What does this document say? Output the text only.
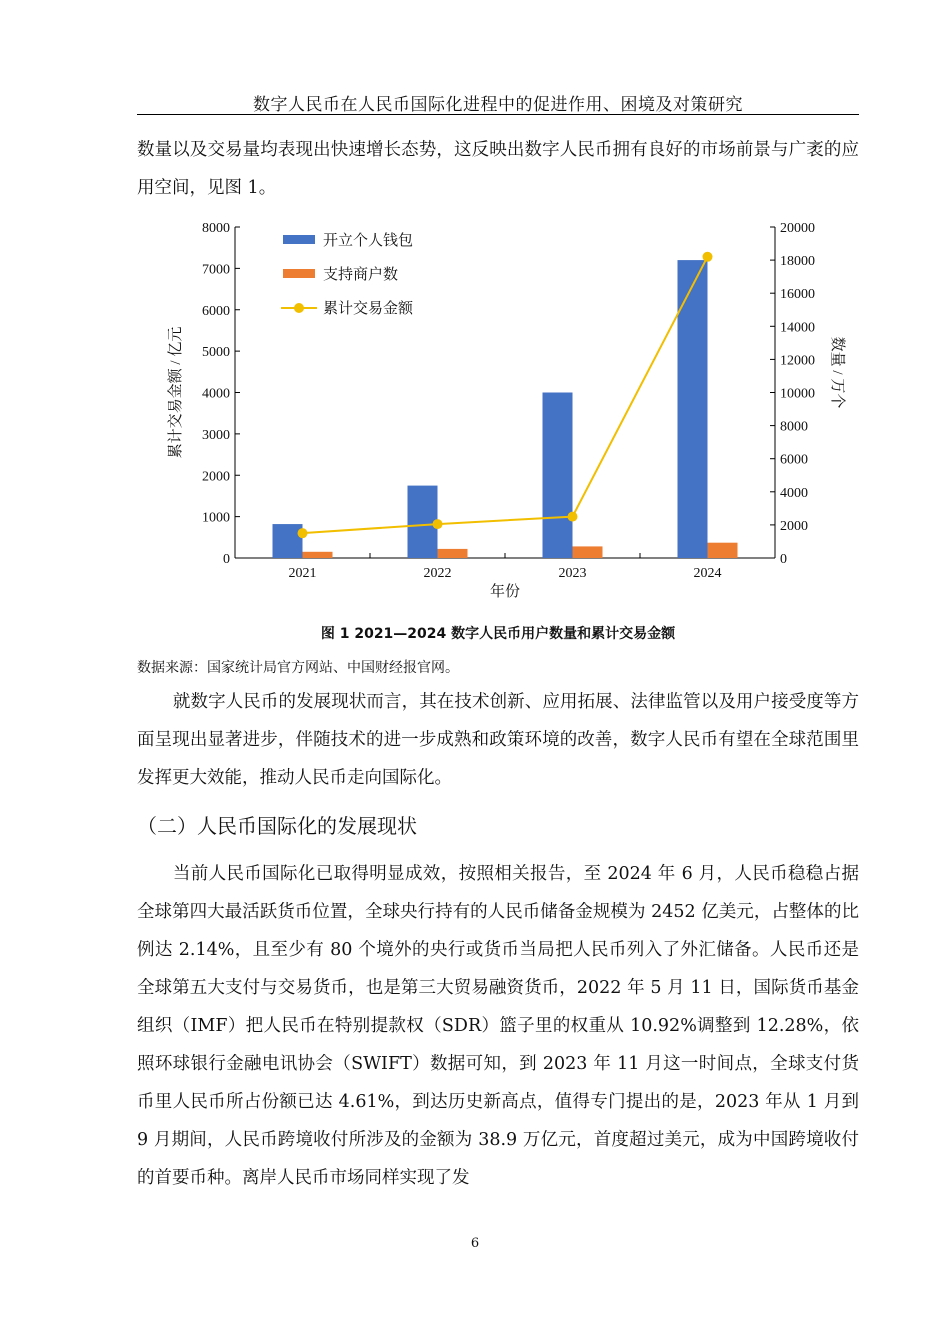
数字人民币在人民币国际化进程中的促进作用、困境及对策研究
数量以及交易量均表现出快速增长态势，这反映出数字人民币拥有良好的市场前景与广袤的应用空间，见图 1。
0
1000
2000
3000
4000
5000
6000
7000
8000
0
2000
4000
6000
8000
10000
12000
14000
16000
18000
20000
2021	2022	2023	2024
开立个人钱包
支持商户数
累计交易金额
年份
累计交易金额 / 亿元	数量 / 万个
图 1 2021—2024 数字人民币用户数量和累计交易金额
数据来源：国家统计局官方网站、中国财经报官网。
就数字人民币的发展现状而言，其在技术创新、应用拓展、法律监管以及用户接受度等方面呈现出显著进步，伴随技术的进一步成熟和政策环境的改善，数字人民币有望在全球范围里发挥更大效能，推动人民币走向国际化。
（二）人民币国际化的发展现状
当前人民币国际化已取得明显成效，按照相关报告，至 2024 年 6 月，人民币稳稳占据全球第四大最活跃货币位置，全球央行持有的人民币储备金规模为 2452 亿美元，占整体的比例达 2.14%，且至少有 80 个境外的央行或货币当局把人民币列入了外汇储备。人民币还是全球第五大支付与交易货币，也是第三大贸易融资货币，2022 年 5 月 11 日，国际货币基金组织（IMF）把人民币在特别提款权（SDR）篮子里的权重从 10.92%调整到 12.28%，依照环球银行金融电讯协会（SWIFT）数据可知，到 2023 年 11 月这一时间点，全球支付货币里人民币所占份额已达 4.61%，到达历史新高点，值得专门提出的是，2023 年从 1 月到 9 月期间，人民币跨境收付所涉及的金额为 38.9 万亿元，首度超过美元，成为中国跨境收付的首要币种。离岸人民币市场同样实现了发
6
